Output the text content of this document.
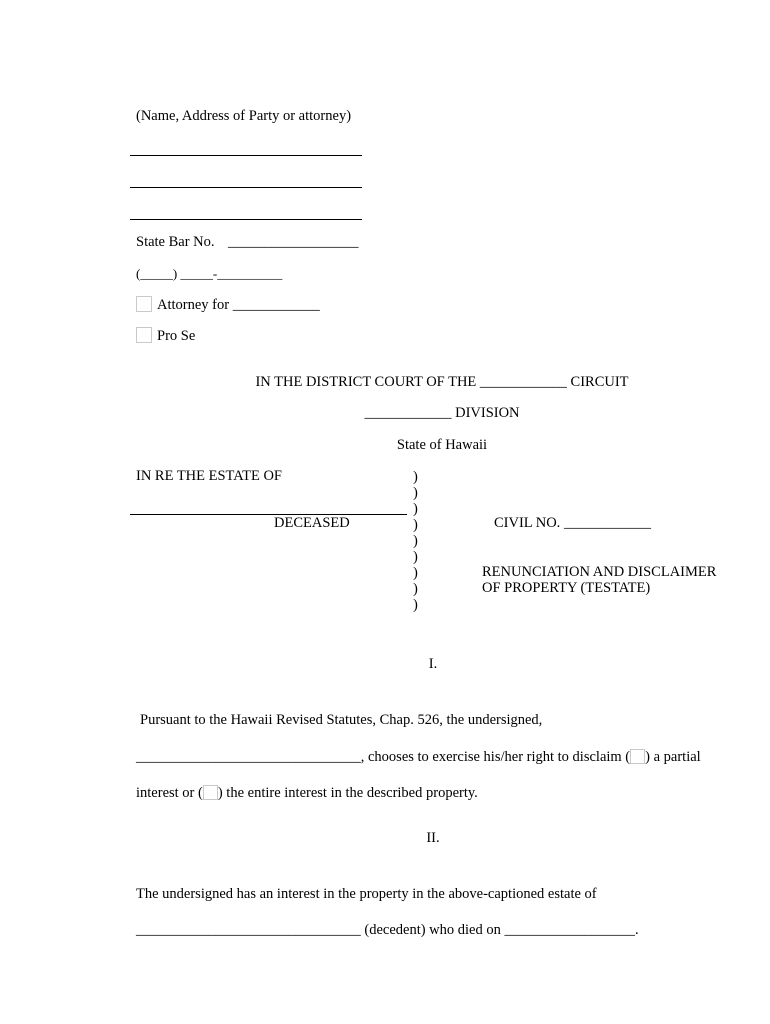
(Name, Address of Party or attorney)
State Bar No. __________________
(_____) _____-__________
Attorney for ____________
Pro Se
IN THE DISTRICT COURT OF THE ____________ CIRCUIT
____________ DIVISION
State of Hawaii
IN RE THE ESTATE OF
DECEASED
)
)
)
)
)
)
)
)
)
CIVIL NO. ____________
RENUNCIATION AND DISCLAIMER
OF PROPERTY (TESTATE)
I.
Pursuant to the Hawaii Revised Statutes, Chap. 526, the undersigned,
_______________________________, chooses to exercise his/her right to disclaim ( ) a partial
interest or ( ) the entire interest in the described property.
II.
The undersigned has an interest in the property in the above-captioned estate of
_______________________________ (decedent) who died on __________________.
